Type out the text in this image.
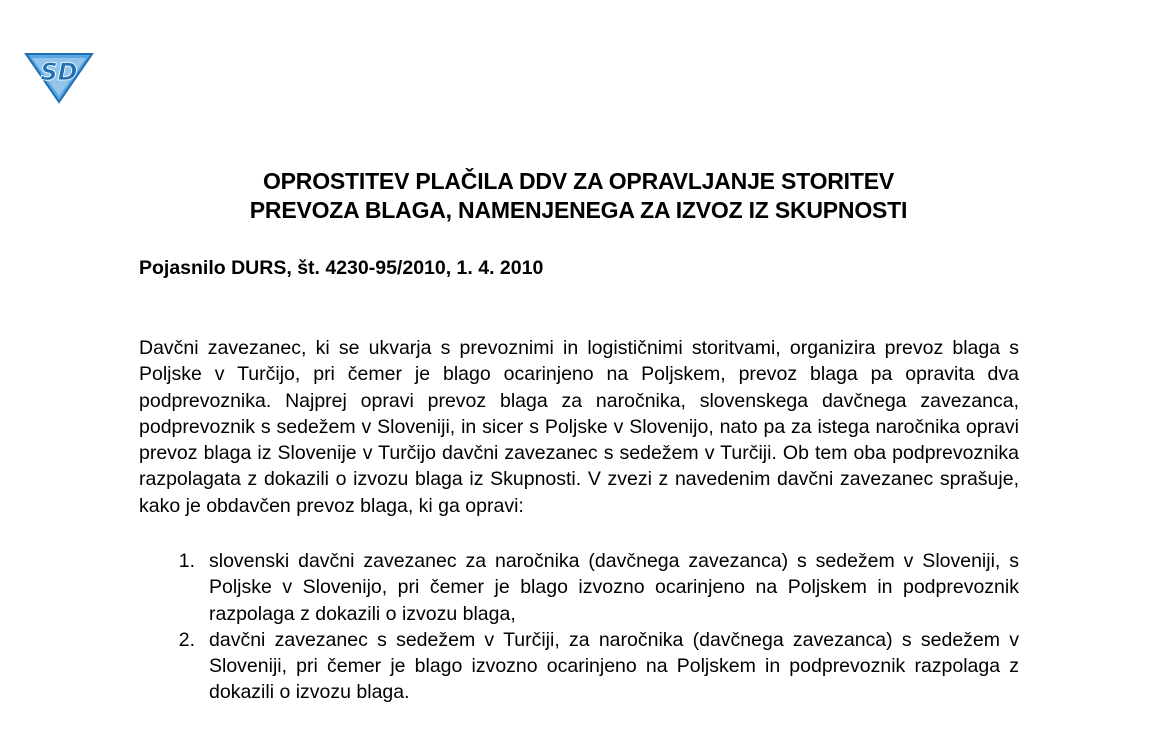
SD
OPROSTITEV PLAČILA DDV ZA OPRAVLJANJE STORITEV
PREVOZA BLAGA, NAMENJENEGA ZA IZVOZ IZ SKUPNOSTI
Pojasnilo DURS, št. 4230-95/2010, 1. 4. 2010

Davčni zavezanec, ki se ukvarja s prevoznimi in logističnimi storitvami, organizira prevoz blaga s Poljske v Turčijo, pri čemer je blago ocarinjeno na Poljskem, prevoz blaga pa opravita dva podprevoznika. Najprej opravi prevoz blaga za naročnika, slovenskega davčnega zavezanca, podprevoznik s sedežem v Sloveniji, in sicer s Poljske v Slovenijo, nato pa za istega naročnika opravi prevoz blaga iz Slovenije v Turčijo davčni zavezanec s sedežem v Turčiji. Ob tem oba podprevoznika razpolagata z dokazili o izvozu blaga iz Skupnosti. V zvezi z navedenim davčni zavezanec sprašuje, kako je obdavčen prevoz blaga, ki ga opravi:

1. slovenski davčni zavezanec za naročnika (davčnega zavezanca) s sedežem v Sloveniji, s Poljske v Slovenijo, pri čemer je blago izvozno ocarinjeno na Poljskem in podprevoznik razpolaga z dokazili o izvozu blaga,
2. davčni zavezanec s sedežem v Turčiji, za naročnika (davčnega zavezanca) s sedežem v Sloveniji, pri čemer je blago izvozno ocarinjeno na Poljskem in podprevoznik razpolaga z dokazili o izvozu blaga.
